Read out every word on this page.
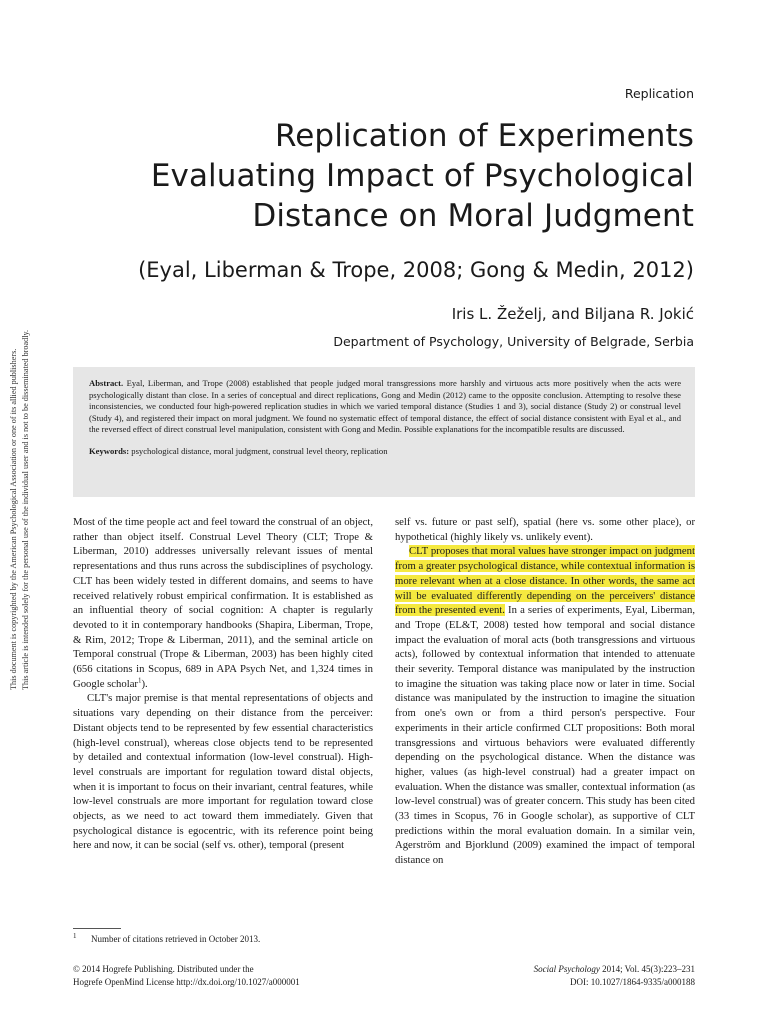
Replication
Replication of Experiments
Evaluating Impact of Psychological
Distance on Moral Judgment
(Eyal, Liberman & Trope, 2008; Gong & Medin, 2012)
Iris L. Žeželj, and Biljana R. Jokić
Department of Psychology, University of Belgrade, Serbia
This document is copyrighted by the American Psychological Association or one of its allied publishers. This article is intended solely for the personal use of the individual user and is not to be disseminated broadly.	Abstract. Eyal, Liberman, and Trope (2008) established that people judged moral transgressions more harshly and virtuous acts more positively when the acts were psychologically distant than close. In a series of conceptual and direct replications, Gong and Medin (2012) came to the opposite conclusion. Attempting to resolve these inconsistencies, we conducted four high-powered replication studies in which we varied temporal distance (Studies 1 and 3), social distance (Study 2) or construal level (Study 4), and registered their impact on moral judgment. We found no systematic effect of temporal distance, the effect of social distance consistent with Eyal et al., and the reversed effect of direct construal level manipulation, consistent with Gong and Medin. Possible explanations for the incompatible results are discussed.

Keywords: psychological distance, moral judgment, construal level theory, replication

Most of the time people act and feel toward the construal of an object, rather than object itself. Construal Level Theory (CLT; Trope & Liberman, 2010) addresses universally relevant issues of mental representations and thus runs across the subdisciplines of psychology. CLT has been widely tested in different domains, and seems to have received relatively robust empirical confirmation. It is established as an influential theory of social cognition: A chapter is regularly devoted to it in contemporary handbooks (Shapira, Liberman, Trope, & Rim, 2012; Trope & Liberman, 2011), and the seminal article on Temporal construal (Trope & Liberman, 2003) has been highly cited (656 citations in Scopus, 689 in APA Psych Net, and 1,324 times in Google scholar$^1$).

CLT's major premise is that mental representations of objects and situations vary depending on their distance from the perceiver: Distant objects tend to be represented by few essential characteristics (high-level construal), whereas close objects tend to be represented by detailed and contextual information (low-level construal). High-level construals are important for regulation toward distal objects, when it is important to focus on their invariant, central features, while low-level construals are more important for regulation toward close objects, as we need to act toward them immediately. Given that psychological distance is egocentric, with its reference point being here and now, it can be social (self vs. other), temporal (present

self vs. future or past self), spatial (here vs. some other place), or hypothetical (highly likely vs. unlikely event).

CLT proposes that moral values have stronger impact on judgment from a greater psychological distance, while contextual information is more relevant when at a close distance. In other words, the same act will be evaluated differently depending on the perceivers' distance from the presented event. In a series of experiments, Eyal, Liberman, and Trope (EL&T, 2008) tested how temporal and social distance impact the evaluation of moral acts (both transgressions and virtuous acts), followed by contextual information that intended to attenuate their severity. Temporal distance was manipulated by the instruction to imagine the situation was taking place now or later in time. Social distance was manipulated by the instruction to imagine the situation from one's own or from a third person's perspective. Four experiments in their article confirmed CLT propositions: Both moral transgressions and virtuous behaviors were evaluated differently depending on the psychological distance. When the distance was higher, values (as high-level construal) had a greater impact on evaluation. When the distance was smaller, contextual information (as low-level construal) was of greater concern. This study has been cited (33 times in Scopus, 76 in Google scholar), as supportive of CLT predictions within the moral evaluation domain. In a similar vein, Agerström and Bjorklund (2009) examined the impact of temporal distance on

$^1$ Number of citations retrieved in October 2013.
© 2014 Hogrefe Publishing. Distributed under the
Hogrefe OpenMind License http://dx.doi.org/10.1027/a000001
Social Psychology 2014; Vol. 45(3):223–231
DOI: 10.1027/1864-9335/a000188
